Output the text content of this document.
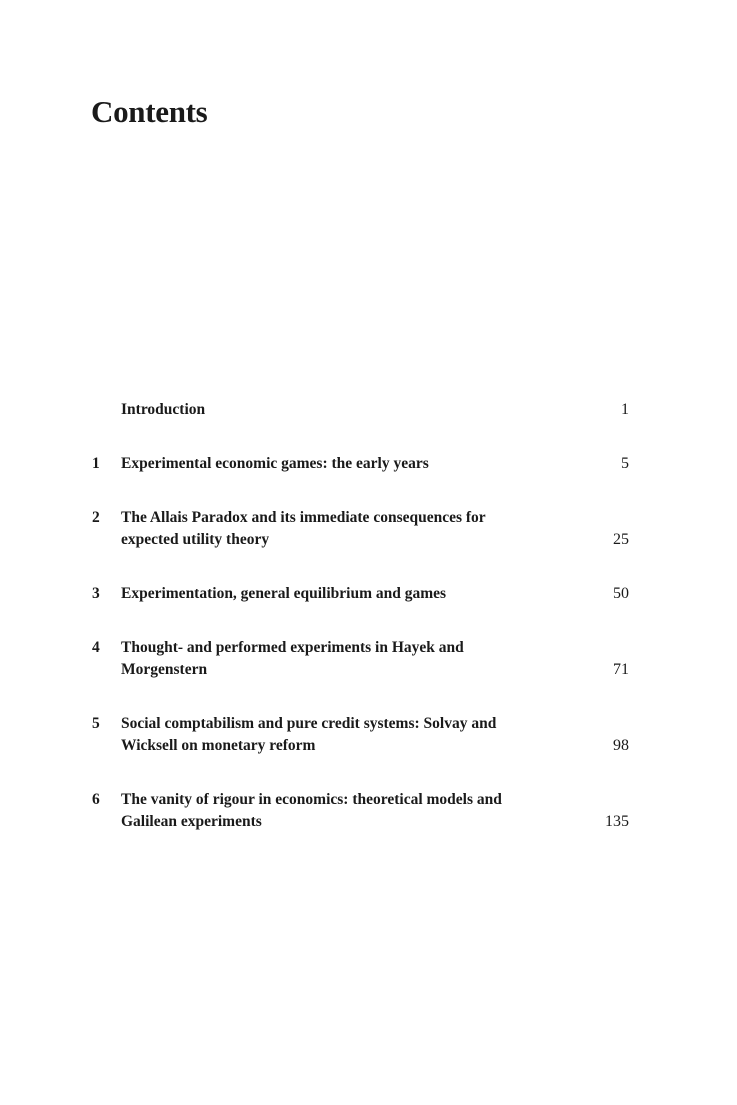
Contents
Introduction	1
1	Experimental economic games: the early years	5
2	The Allais Paradox and its immediate consequences for expected utility theory	25
3	Experimentation, general equilibrium and games	50
4	Thought- and performed experiments in Hayek and Morgenstern	71
5	Social comptabilism and pure credit systems: Solvay and Wicksell on monetary reform	98
6	The vanity of rigour in economics: theoretical models and Galilean experiments	135
